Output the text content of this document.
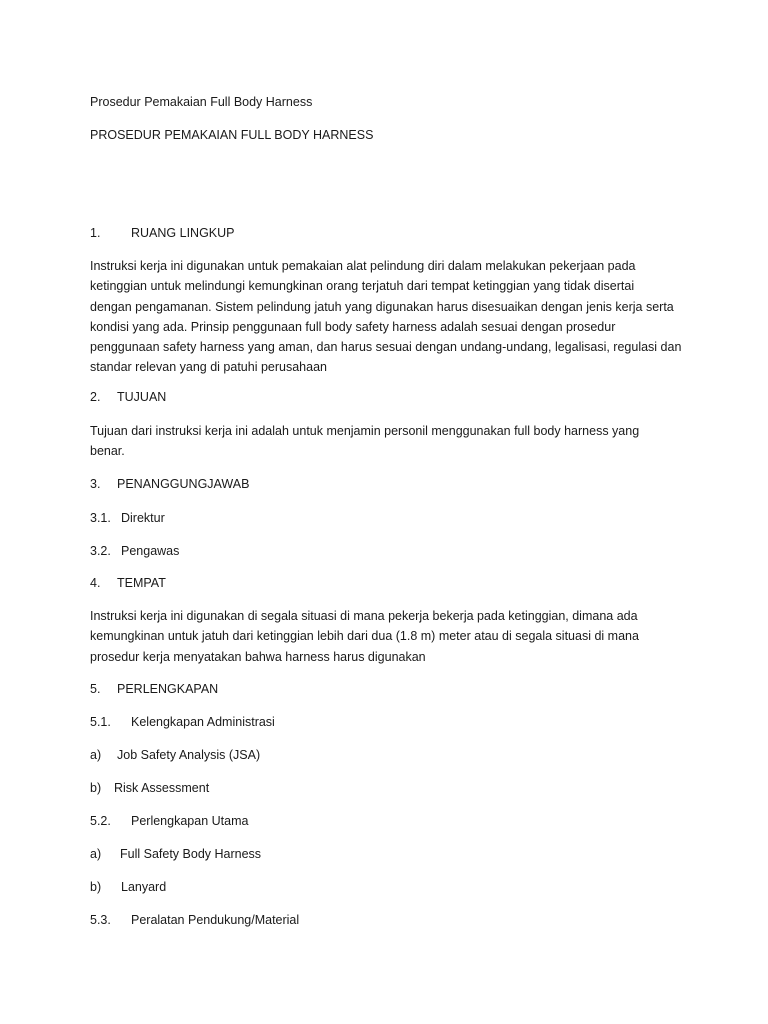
Prosedur Pemakaian Full Body Harness
PROSEDUR PEMAKAIAN FULL BODY HARNESS
1. RUANG LINGKUP
Instruksi kerja ini digunakan untuk pemakaian alat pelindung diri dalam melakukan pekerjaan pada
ketinggian untuk melindungi kemungkinan orang terjatuh dari tempat ketinggian yang tidak disertai
dengan pengamanan. Sistem pelindung jatuh yang digunakan harus disesuaikan dengan jenis kerja serta
kondisi yang ada. Prinsip penggunaan full body safety harness adalah sesuai dengan prosedur
penggunaan safety harness yang aman, dan harus sesuai dengan undang-undang, legalisasi, regulasi dan
standar relevan yang di patuhi perusahaan
2. TUJUAN
Tujuan dari instruksi kerja ini adalah untuk menjamin personil menggunakan full body harness yang
benar.
3. PENANGGUNGJAWAB
3.1. Direktur
3.2. Pengawas
4. TEMPAT
Instruksi kerja ini digunakan di segala situasi di mana pekerja bekerja pada ketinggian, dimana ada
kemungkinan untuk jatuh dari ketinggian lebih dari dua (1.8 m) meter atau di segala situasi di mana
prosedur kerja menyatakan bahwa harness harus digunakan
5. PERLENGKAPAN
5.1. Kelengkapan Administrasi
a) Job Safety Analysis (JSA)
b) Risk Assessment
5.2. Perlengkapan Utama
a) Full Safety Body Harness
b) Lanyard
5.3. Peralatan Pendukung/Material
